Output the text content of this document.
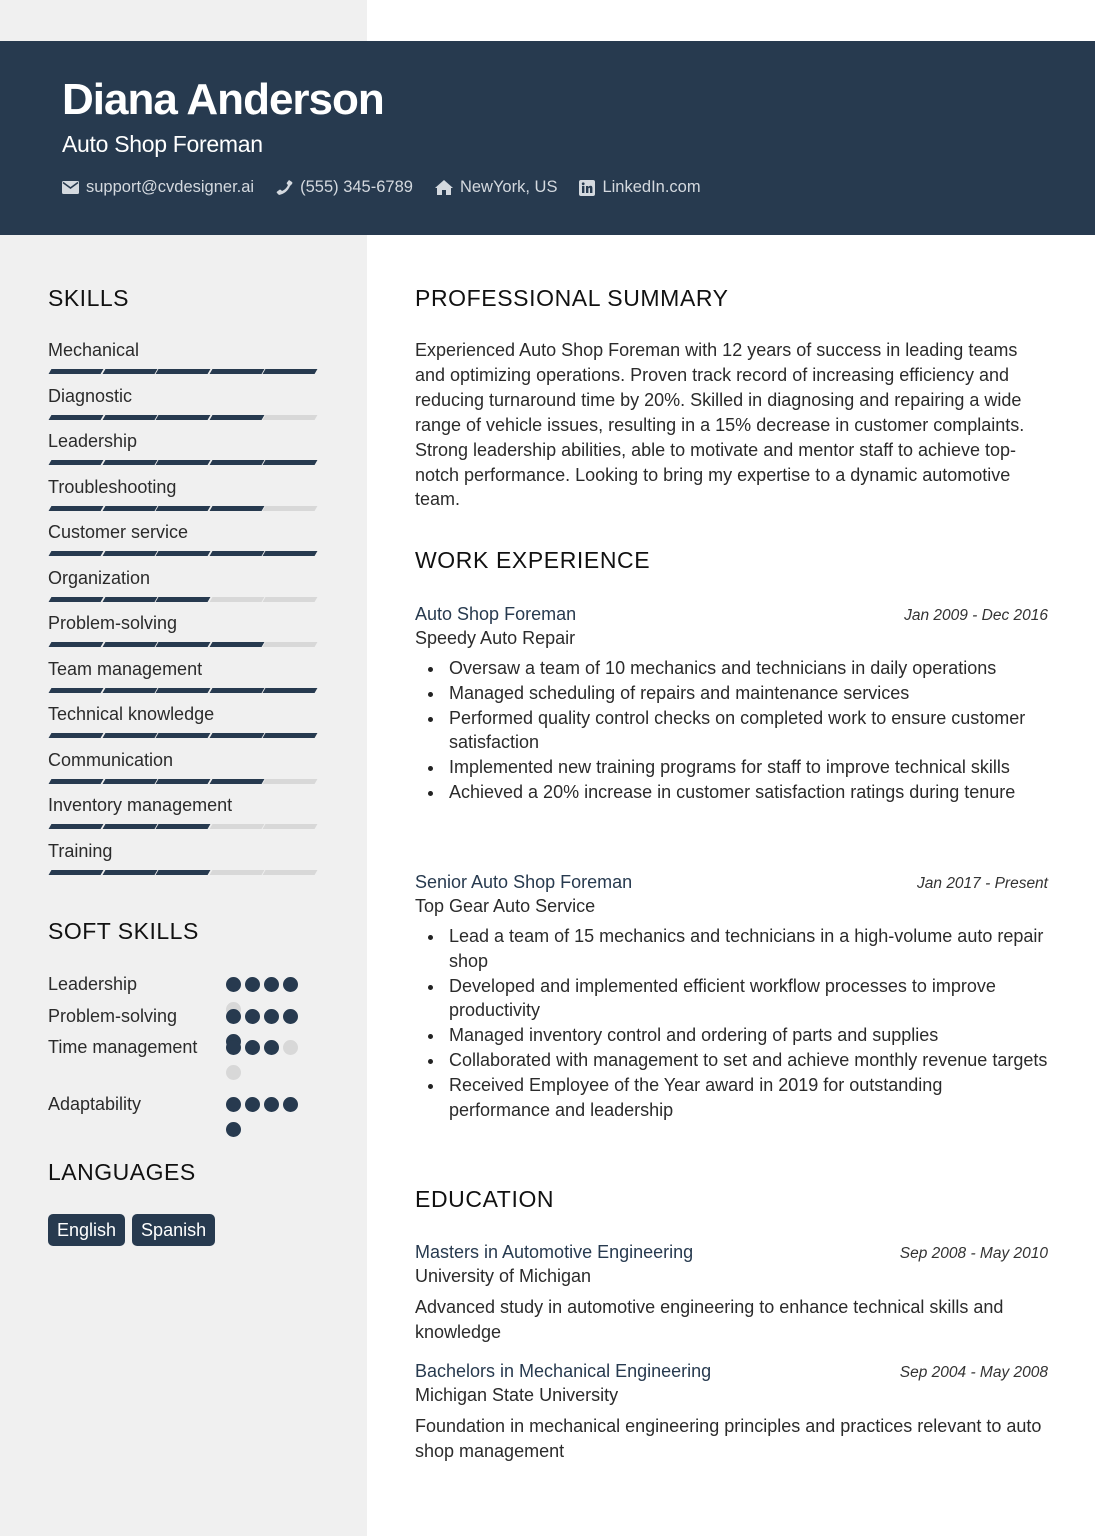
Diana Anderson
Auto Shop Foreman
support@cvdesigner.ai	(555) 345-6789	NewYork, US	LinkedIn.com
SKILLS
Mechanical
Diagnostic
Leadership
Troubleshooting
Customer service
Organization
Problem-solving
Team management
Technical knowledge
Communication
Inventory management
Training
SOFT SKILLS
Leadership
Problem-solving
Time management
Adaptability
LANGUAGES
English	Spanish
PROFESSIONAL SUMMARY

Experienced Auto Shop Foreman with 12 years of success in leading teams and optimizing operations. Proven track record of increasing efficiency and reducing turnaround time by 20%. Skilled in diagnosing and repairing a wide range of vehicle issues, resulting in a 15% decrease in customer complaints. Strong leadership abilities, able to motivate and mentor staff to achieve top-notch performance. Looking to bring my expertise to a dynamic automotive team.

WORK EXPERIENCE
Auto Shop Foreman	Jan 2009 - Dec 2016
Speedy Auto Repair
Oversaw a team of 10 mechanics and technicians in daily operations
Managed scheduling of repairs and maintenance services
Performed quality control checks on completed work to ensure customer satisfaction
Implemented new training programs for staff to improve technical skills
Achieved a 20% increase in customer satisfaction ratings during tenure
Senior Auto Shop Foreman	Jan 2017 - Present
Top Gear Auto Service
Lead a team of 15 mechanics and technicians in a high-volume auto repair shop
Developed and implemented efficient workflow processes to improve productivity
Managed inventory control and ordering of parts and supplies
Collaborated with management to set and achieve monthly revenue targets
Received Employee of the Year award in 2019 for outstanding performance and leadership
EDUCATION
Masters in Automotive Engineering	Sep 2008 - May 2010
University of Michigan

Advanced study in automotive engineering to enhance technical skills and knowledge

Bachelors in Mechanical Engineering	Sep 2004 - May 2008
Michigan State University

Foundation in mechanical engineering principles and practices relevant to auto shop management
